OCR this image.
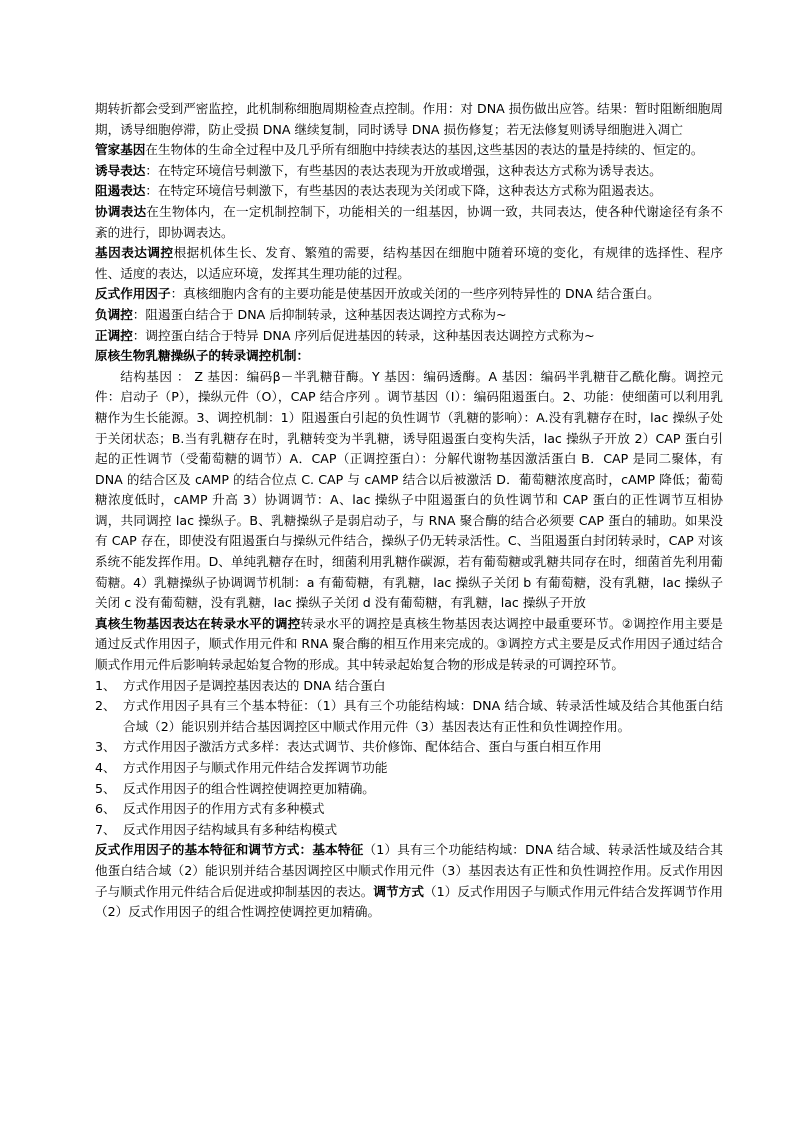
期转折都会受到严密监控，此机制称细胞周期检查点控制。作用：对 DNA 损伤做出应答。结果：暂时阻断细胞周期，诱导细胞停滞，防止受损 DNA 继续复制，同时诱导 DNA 损伤修复；若无法修复则诱导细胞进入凋亡

管家基因在生物体的生命全过程中及几乎所有细胞中持续表达的基因,这些基因的表达的量是持续的、恒定的。

诱导表达：在特定环境信号刺激下，有些基因的表达表现为开放或增强，这种表达方式称为诱导表达。

阻遏表达：在特定环境信号刺激下，有些基因的表达表现为关闭或下降，这种表达方式称为阻遏表达。

协调表达在生物体内，在一定机制控制下，功能相关的一组基因，协调一致，共同表达，使各种代谢途径有条不紊的进行，即协调表达。

基因表达调控根据机体生长、发育、繁殖的需要，结构基因在细胞中随着环境的变化，有规律的选择性、程序性、适度的表达，以适应环境，发挥其生理功能的过程。

反式作用因子：真核细胞内含有的主要功能是使基因开放或关闭的一些序列特异性的 DNA 结合蛋白。

负调控：阻遏蛋白结合于 DNA 后抑制转录，这种基因表达调控方式称为~

正调控：调控蛋白结合于特异 DNA 序列后促进基因的转录，这种基因表达调控方式称为~

原核生物乳糖操纵子的转录调控机制：

结构基因 ： Z 基因：编码β－半乳糖苷酶。Y 基因：编码透酶。A 基因：编码半乳糖苷乙酰化酶。调控元件：启动子（P），操纵元件（O），CAP 结合序列 。调节基因（I）：编码阻遏蛋白。2、功能：使细菌可以利用乳糖作为生长能源。3、调控机制：1）阻遏蛋白引起的负性调节（乳糖的影响）：A.没有乳糖存在时，lac 操纵子处于关闭状态；B.当有乳糖存在时，乳糖转变为半乳糖，诱导阻遏蛋白变构失活，lac 操纵子开放 2）CAP 蛋白引起的正性调节（受葡萄糖的调节）A．CAP（正调控蛋白）：分解代谢物基因激活蛋白 B．CAP 是同二聚体，有 DNA 的结合区及 cAMP 的结合位点 C. CAP 与 cAMP 结合以后被激活 D．葡萄糖浓度高时，cAMP 降低；葡萄糖浓度低时，cAMP 升高 3）协调调节：A、lac 操纵子中阻遏蛋白的负性调节和 CAP 蛋白的正性调节互相协调，共同调控 lac 操纵子。B、乳糖操纵子是弱启动子，与 RNA 聚合酶的结合必须要 CAP 蛋白的辅助。如果没有 CAP 存在，即使没有阻遏蛋白与操纵元件结合，操纵子仍无转录活性。C、当阻遏蛋白封闭转录时，CAP 对该系统不能发挥作用。D、单纯乳糖存在时，细菌利用乳糖作碳源，若有葡萄糖或乳糖共同存在时，细菌首先利用葡萄糖。4）乳糖操纵子协调调节机制：a 有葡萄糖，有乳糖，lac 操纵子关闭 b 有葡萄糖，没有乳糖，lac 操纵子关闭 c 没有葡萄糖，没有乳糖，lac 操纵子关闭 d 没有葡萄糖，有乳糖，lac 操纵子开放

真核生物基因表达在转录水平的调控转录水平的调控是真核生物基因表达调控中最重要环节。②调控作用主要是通过反式作用因子，顺式作用元件和 RNA 聚合酶的相互作用来完成的。③调控方式主要是反式作用因子通过结合顺式作用元件后影响转录起始复合物的形成。其中转录起始复合物的形成是转录的可调控环节。

1、 方式作用因子是调控基因表达的 DNA 结合蛋白
2、 方式作用因子具有三个基本特征：（1）具有三个功能结构域：DNA 结合域、转录活性域及结合其他蛋白结合域（2）能识别并结合基因调控区中顺式作用元件（3）基因表达有正性和负性调控作用。
3、 方式作用因子激活方式多样：表达式调节、共价修饰、配体结合、蛋白与蛋白相互作用
4、 方式作用因子与顺式作用元件结合发挥调节功能
5、 反式作用因子的组合性调控使调控更加精确。
6、 反式作用因子的作用方式有多种模式
7、 反式作用因子结构域具有多种结构模式

反式作用因子的基本特征和调节方式：基本特征（1）具有三个功能结构域：DNA 结合域、转录活性域及结合其他蛋白结合域（2）能识别并结合基因调控区中顺式作用元件（3）基因表达有正性和负性调控作用。反式作用因子与顺式作用元件结合后促进或抑制基因的表达。调节方式（1）反式作用因子与顺式作用元件结合发挥调节作用（2）反式作用因子的组合性调控使调控更加精确。
